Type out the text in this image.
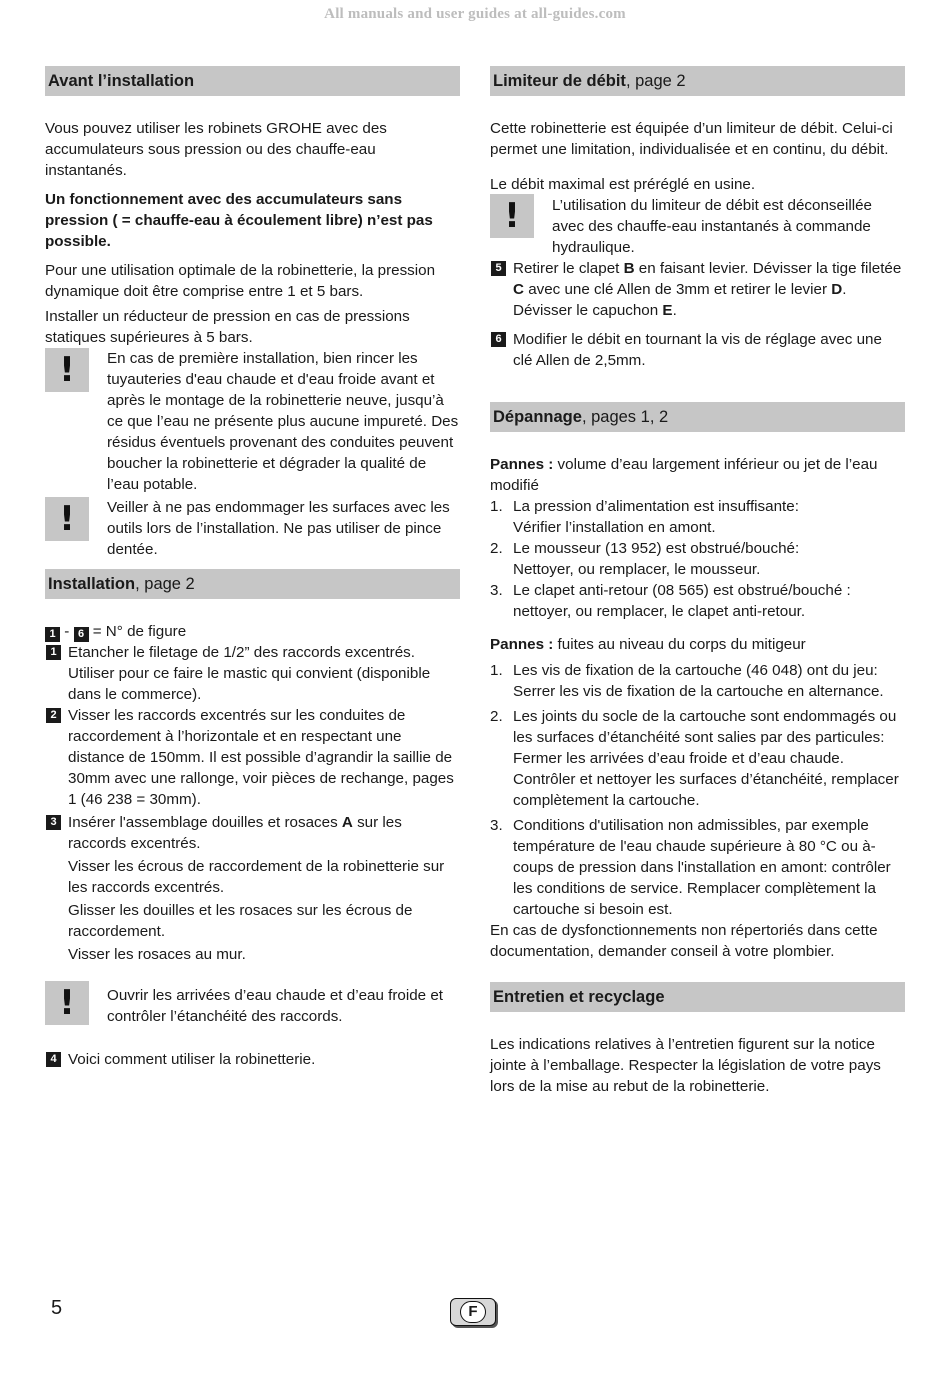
All manuals and user guides at all-guides.com
Avant l’installation

Vous pouvez utiliser les robinets GROHE avec des accumulateurs sous pression ou des chauffe-eau instantanés.

Un fonctionnement avec des accumulateurs sans pression ( = chauffe-eau à écoulement libre) n’est pas possible.

Pour une utilisation optimale de la robinetterie, la pression dynamique doit être comprise entre 1 et 5 bars.

Installer un réducteur de pression en cas de pressions statiques supérieures à 5 bars.

!	En cas de première installation, bien rincer les tuyauteries d'eau chaude et d'eau froide avant et après le montage de la robinetterie neuve, jusqu’à ce que l’eau ne présente plus aucune impureté. Des résidus éventuels provenant des conduites peuvent boucher la robinetterie et dégrader la qualité de l’eau potable.

!	Veiller à ne pas endommager les surfaces avec les outils lors de l’installation. Ne pas utiliser de pince dentée.

Installation, page 2

1 - 6 = N° de figure

1 Etancher le filetage de 1/2” des raccords excentrés. Utiliser pour ce faire le mastic qui convient (disponible dans le commerce).

2 Visser les raccords excentrés sur les conduites de raccordement à l’horizontale et en respectant une distance de 150mm. Il est possible d’agrandir la saillie de 30mm avec une rallonge, voir pièces de rechange, pages 1 (46 238 = 30mm).

3 Insérer l'assemblage douilles et rosaces A sur les raccords excentrés.

Visser les écrous de raccordement de la robinetterie sur les raccords excentrés.

Glisser les douilles et les rosaces sur les écrous de raccordement.

Visser les rosaces au mur.

!	Ouvrir les arrivées d’eau chaude et d’eau froide et contrôler l’étanchéité des raccords.

4 Voici comment utiliser la robinetterie.

Limiteur de débit, page 2

Cette robinetterie est équipée d’un limiteur de débit. Celui-ci permet une limitation, individualisée et en continu, du débit.

Le débit maximal est préréglé en usine.

!	L’utilisation du limiteur de débit est déconseillée avec des chauffe-eau instantanés à commande hydraulique.

5 Retirer le clapet B en faisant levier. Dévisser la tige filetée C avec une clé Allen de 3mm et retirer le levier D. Dévisser le capuchon E.

6 Modifier le débit en tournant la vis de réglage avec une clé Allen de 2,5mm.

Dépannage, pages 1, 2

Pannes : volume d’eau largement inférieur ou jet de l’eau modifié

1. La pression d’alimentation est insuffisante:

Vérifier l’installation en amont.

2. Le mousseur (13 952) est obstrué/bouché:

Nettoyer, ou remplacer, le mousseur.

3. Le clapet anti-retour (08 565) est obstrué/bouché :

nettoyer, ou remplacer, le clapet anti-retour.

Pannes : fuites au niveau du corps du mitigeur

1. Les vis de fixation de la cartouche (46 048) ont du jeu:

Serrer les vis de fixation de la cartouche en alternance.

2. Les joints du socle de la cartouche sont endommagés ou les surfaces d’étanchéité sont salies par des particules:

Fermer les arrivées d’eau froide et d’eau chaude. Contrôler et nettoyer les surfaces d’étanchéité, remplacer complètement la cartouche.

3. Conditions d'utilisation non admissibles, par exemple température de l'eau chaude supérieure à 80 °C ou à-coups de pression dans l'installation en amont: contrôler les conditions de service. Remplacer complètement la cartouche si besoin est.

En cas de dysfonctionnements non répertoriés dans cette documentation, demander conseil à votre plombier.

Entretien et recyclage

Les indications relatives à l’entretien figurent sur la notice jointe à l’emballage. Respecter la législation de votre pays lors de la mise au rebut de la robinetterie.

5	F
